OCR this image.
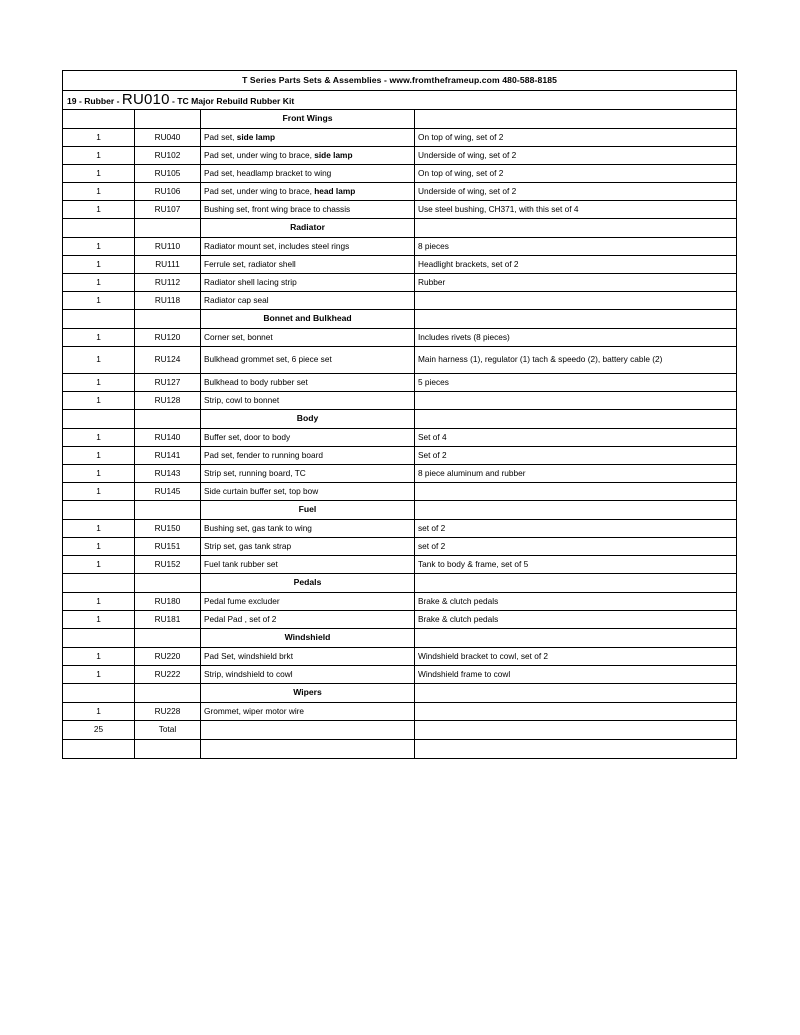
T Series Parts Sets & Assemblies - www.fromtheframeup.com 480-588-8185			
19 - Rubber - RU010 - TC Major Rebuild Rubber Kit			
		Front Wings	
1	RU040	Pad set, side lamp	On top of wing, set of 2
1	RU102	Pad set, under wing to brace, side lamp	Underside of wing, set of 2
1	RU105	Pad set, headlamp bracket to wing	On top of wing, set of 2
1	RU106	Pad set, under wing to brace, head lamp	Underside of wing, set of 2
1	RU107	Bushing set, front wing brace to chassis	Use steel bushing, CH371, with this set of 4
		Radiator	
1	RU110	Radiator mount set, includes steel rings	8 pieces
1	RU111	Ferrule set, radiator shell	Headlight brackets, set of 2
1	RU112	Radiator shell lacing strip	Rubber
1	RU118	Radiator cap seal	
		Bonnet and Bulkhead	
1	RU120	Corner set, bonnet	Includes rivets (8 pieces)
1	RU124	Bulkhead grommet set, 6 piece set	Main harness (1), regulator (1) tach & speedo (2), battery cable (2)
1	RU127	Bulkhead to body rubber set	5 pieces
1	RU128	Strip, cowl to bonnet	
		Body	
1	RU140	Buffer set, door to body	Set of 4
1	RU141	Pad set, fender to running board	Set of 2
1	RU143	Strip set, running board, TC	8 piece aluminum and rubber
1	RU145	Side curtain buffer set, top bow	
		Fuel	
1	RU150	Bushing set, gas tank to wing	set of 2
1	RU151	Strip set, gas tank strap	set of 2
1	RU152	Fuel tank rubber set	Tank to body & frame, set of 5
		Pedals	
1	RU180	Pedal fume excluder	Brake & clutch pedals
1	RU181	Pedal Pad , set of 2	Brake & clutch pedals
		Windshield	
1	RU220	Pad Set, windshield brkt	Windshield bracket to cowl, set of 2
1	RU222	Strip, windshield to cowl	Windshield frame to cowl
		Wipers	
1	RU228	Grommet, wiper motor wire	
25	Total		
